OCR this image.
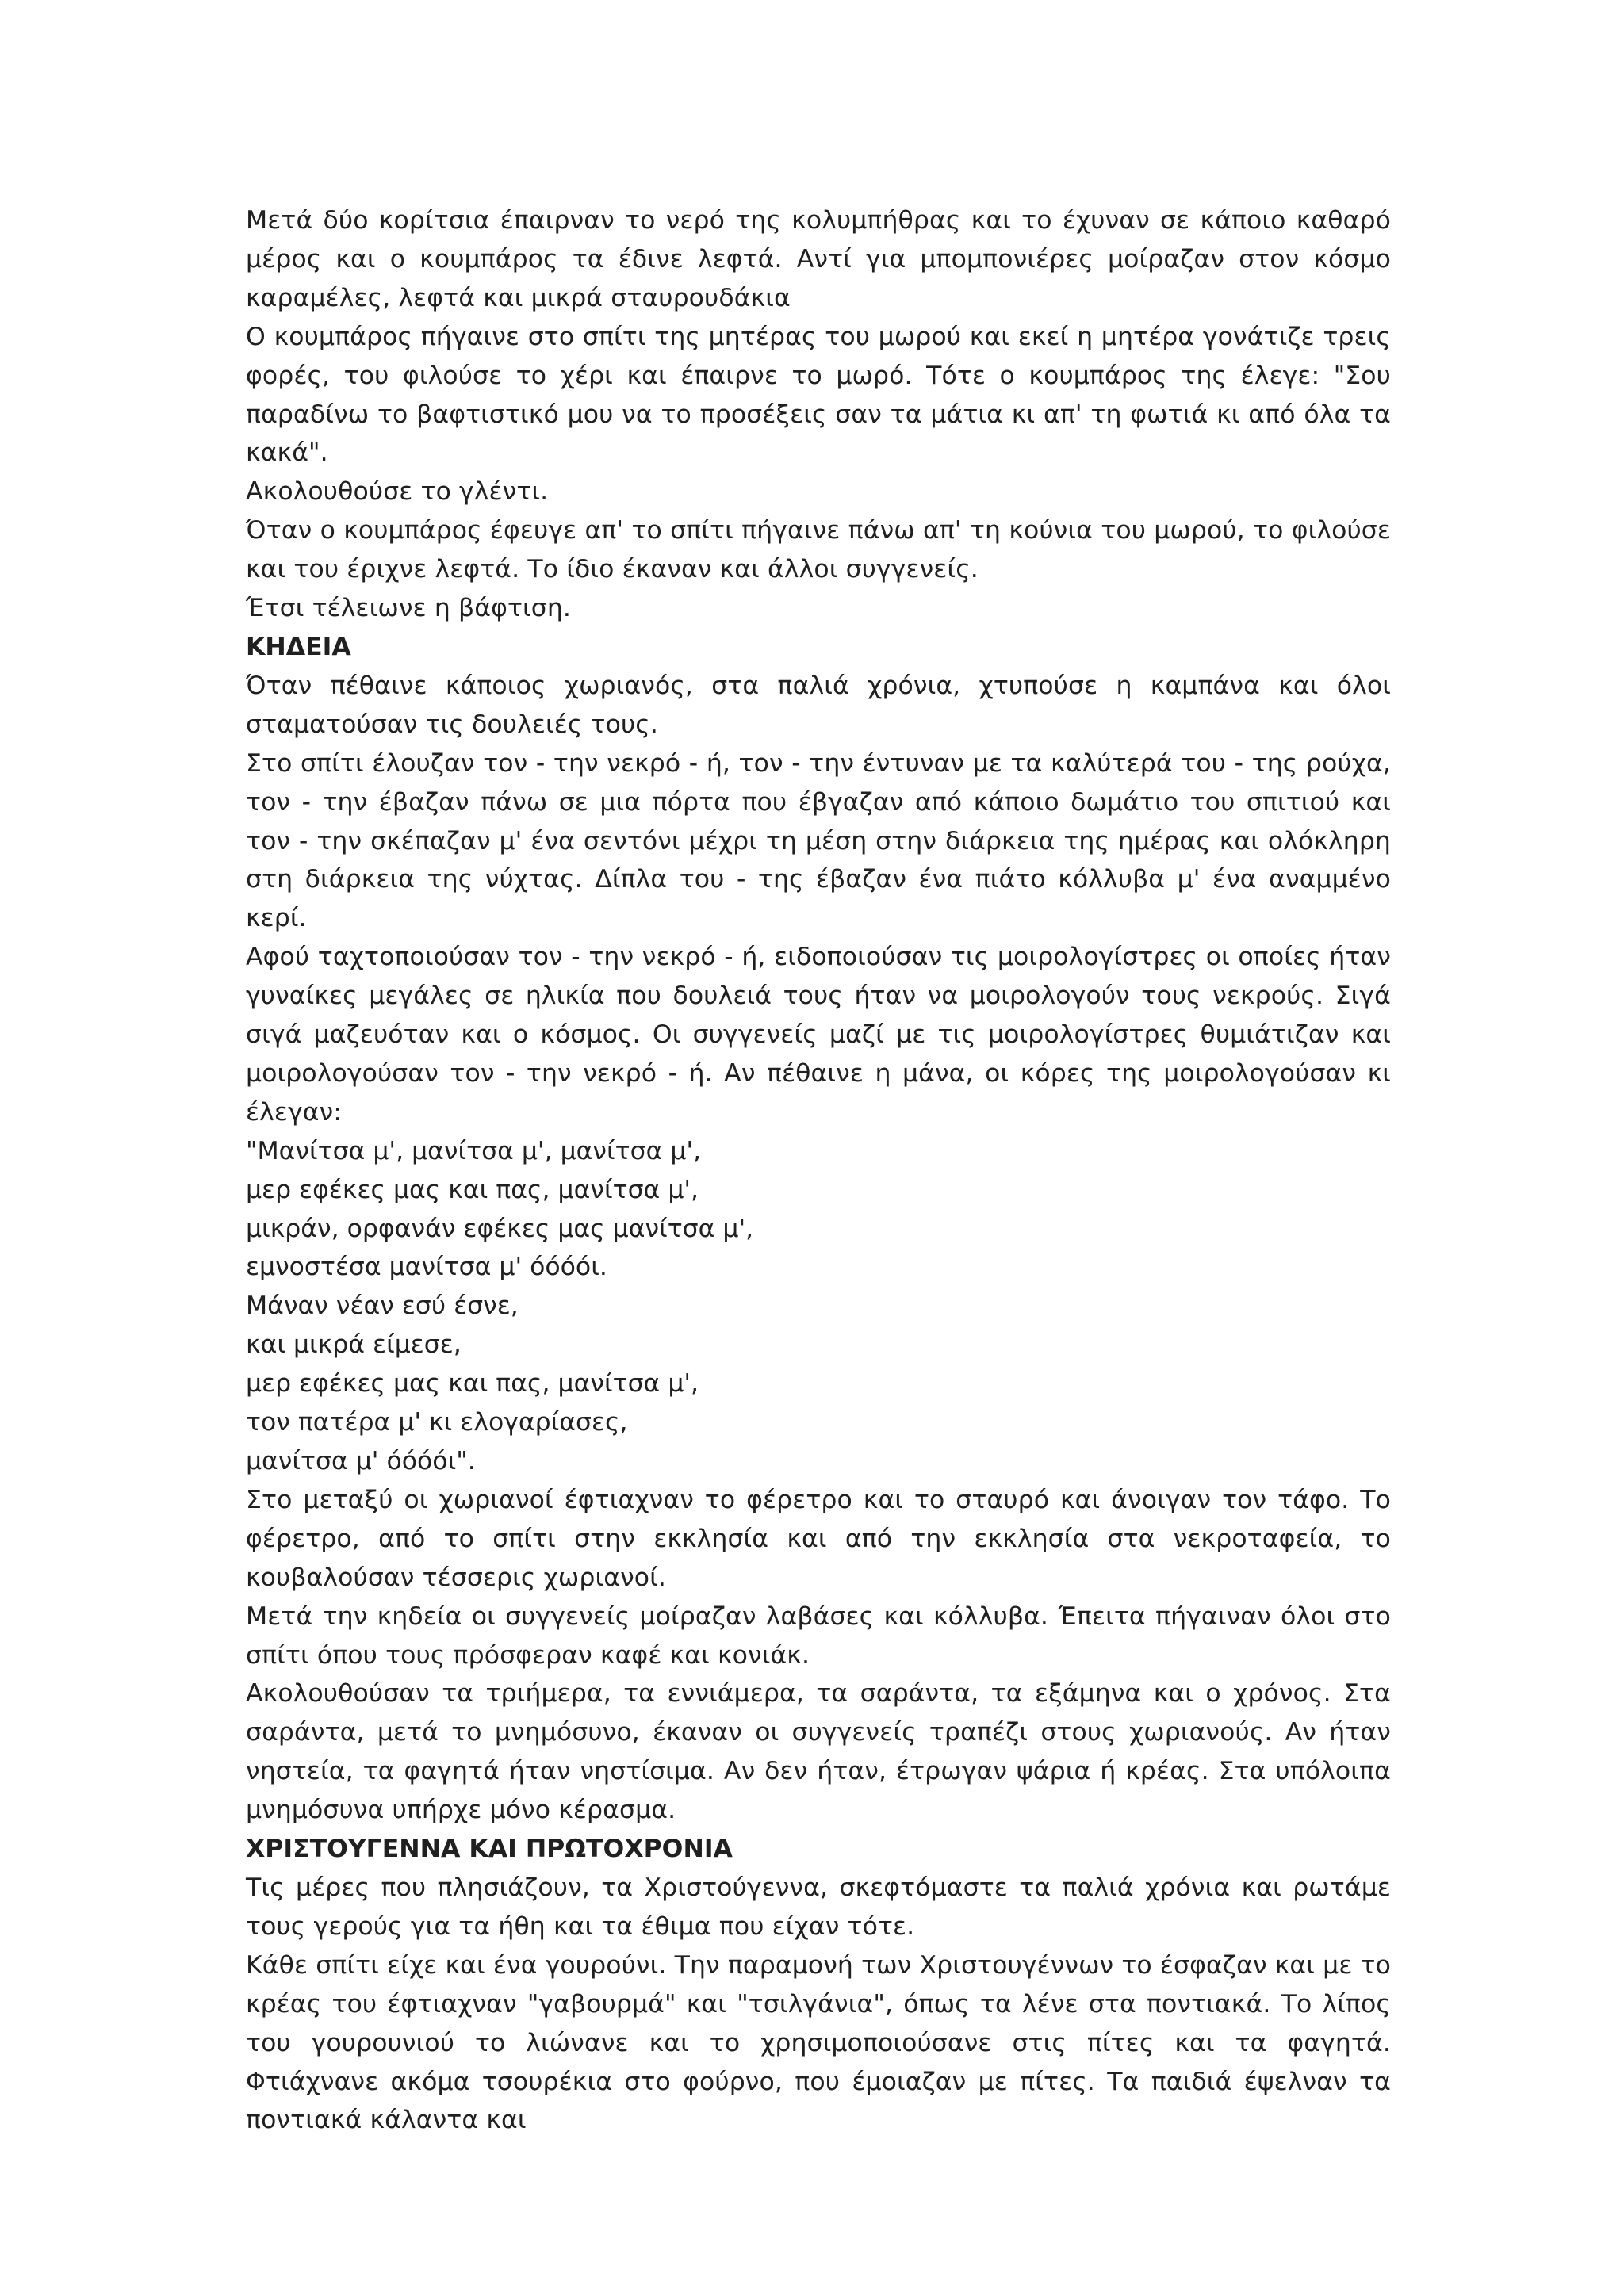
Μετά δύο κορίτσια έπαιρναν το νερό της κολυμπήθρας και το έχυναν σε κάποιο καθαρό μέρος και ο κουμπάρος τα έδινε λεφτά. Αντί για μπομπονιέρες μοίραζαν στον κόσμο καραμέλες, λεφτά και μικρά σταυρουδάκια

Ο κουμπάρος πήγαινε στο σπίτι της μητέρας του μωρού και εκεί η μητέρα γονάτιζε τρεις φορές, του φιλούσε το χέρι και έπαιρνε το μωρό. Τότε ο κουμπάρος της έλεγε: "Σου παραδίνω το βαφτιστικό μου να το προσέξεις σαν τα μάτια κι απ' τη φωτιά κι από όλα τα κακά".

Ακολουθούσε το γλέντι.

Όταν ο κουμπάρος έφευγε απ' το σπίτι πήγαινε πάνω απ' τη κούνια του μωρού, το φιλούσε και του έριχνε λεφτά. Το ίδιο έκαναν και άλλοι συγγενείς.

Έτσι τέλειωνε η βάφτιση.

ΚΗΔΕΙΑ

Όταν πέθαινε κάποιος χωριανός, στα παλιά χρόνια, χτυπούσε η καμπάνα και όλοι σταματούσαν τις δουλειές τους.

Στο σπίτι έλουζαν τον - την νεκρό - ή, τον - την έντυναν με τα καλύτερά του - της ρούχα, τον - την έβαζαν πάνω σε μια πόρτα που έβγαζαν από κάποιο δωμάτιο του σπιτιού και τον - την σκέπαζαν μ' ένα σεντόνι μέχρι τη μέση στην διάρκεια της ημέρας και ολόκληρη στη διάρκεια της νύχτας. Δίπλα του - της έβαζαν ένα πιάτο κόλλυβα μ' ένα αναμμένο κερί.

Αφού ταχτοποιούσαν τον - την νεκρό - ή, ειδοποιούσαν τις μοιρολογίστρες οι οποίες ήταν γυναίκες μεγάλες σε ηλικία που δουλειά τους ήταν να μοιρολογούν τους νεκρούς. Σιγά σιγά μαζευόταν και ο κόσμος. Οι συγγενείς μαζί με τις μοιρολογίστρες θυμιάτιζαν και μοιρολογούσαν τον - την νεκρό - ή. Αν πέθαινε η μάνα, οι κόρες της μοιρολογούσαν κι έλεγαν:

"Μανίτσα μ', μανίτσα μ', μανίτσα μ',

μερ εφέκες μας και πας, μανίτσα μ',

μικράν, ορφανάν εφέκες μας μανίτσα μ',

εμνοστέσα μανίτσα μ' όόόόι.

Μάναν νέαν εσύ έσνε,

και μικρά είμεσε,

μερ εφέκες μας και πας, μανίτσα μ',

τον πατέρα μ' κι ελογαρίασες,

μανίτσα μ' όόόόι".

Στο μεταξύ οι χωριανοί έφτιαχναν το φέρετρο και το σταυρό και άνοιγαν τον τάφο. Το φέρετρο, από το σπίτι στην εκκλησία και από την εκκλησία στα νεκροταφεία, το κουβαλούσαν τέσσερις χωριανοί.

Μετά την κηδεία οι συγγενείς μοίραζαν λαβάσες και κόλλυβα. Έπειτα πήγαιναν όλοι στο σπίτι όπου τους πρόσφεραν καφέ και κονιάκ.

Ακολουθούσαν τα τριήμερα, τα εννιάμερα, τα σαράντα, τα εξάμηνα και ο χρόνος. Στα σαράντα, μετά το μνημόσυνο, έκαναν οι συγγενείς τραπέζι στους χωριανούς. Αν ήταν νηστεία, τα φαγητά ήταν νηστίσιμα. Αν δεν ήταν, έτρωγαν ψάρια ή κρέας. Στα υπόλοιπα μνημόσυνα υπήρχε μόνο κέρασμα.

ΧΡΙΣΤΟΥΓΕΝΝΑ ΚΑΙ ΠΡΩΤΟΧΡΟΝΙΑ

Τις μέρες που πλησιάζουν, τα Χριστούγεννα, σκεφτόμαστε τα παλιά χρόνια και ρωτάμε τους γερούς για τα ήθη και τα έθιμα που είχαν τότε.

Κάθε σπίτι είχε και ένα γουρούνι. Την παραμονή των Χριστουγέννων το έσφαζαν και με το κρέας του έφτιαχναν "γαβουρμά" και "τσιλγάνια", όπως τα λένε στα ποντιακά. Το λίπος του γουρουνιού το λιώνανε και το χρησιμοποιούσανε στις πίτες και τα φαγητά. Φτιάχνανε ακόμα τσουρέκια στο φούρνο, που έμοιαζαν με πίτες. Τα παιδιά έψελναν τα ποντιακά κάλαντα και
